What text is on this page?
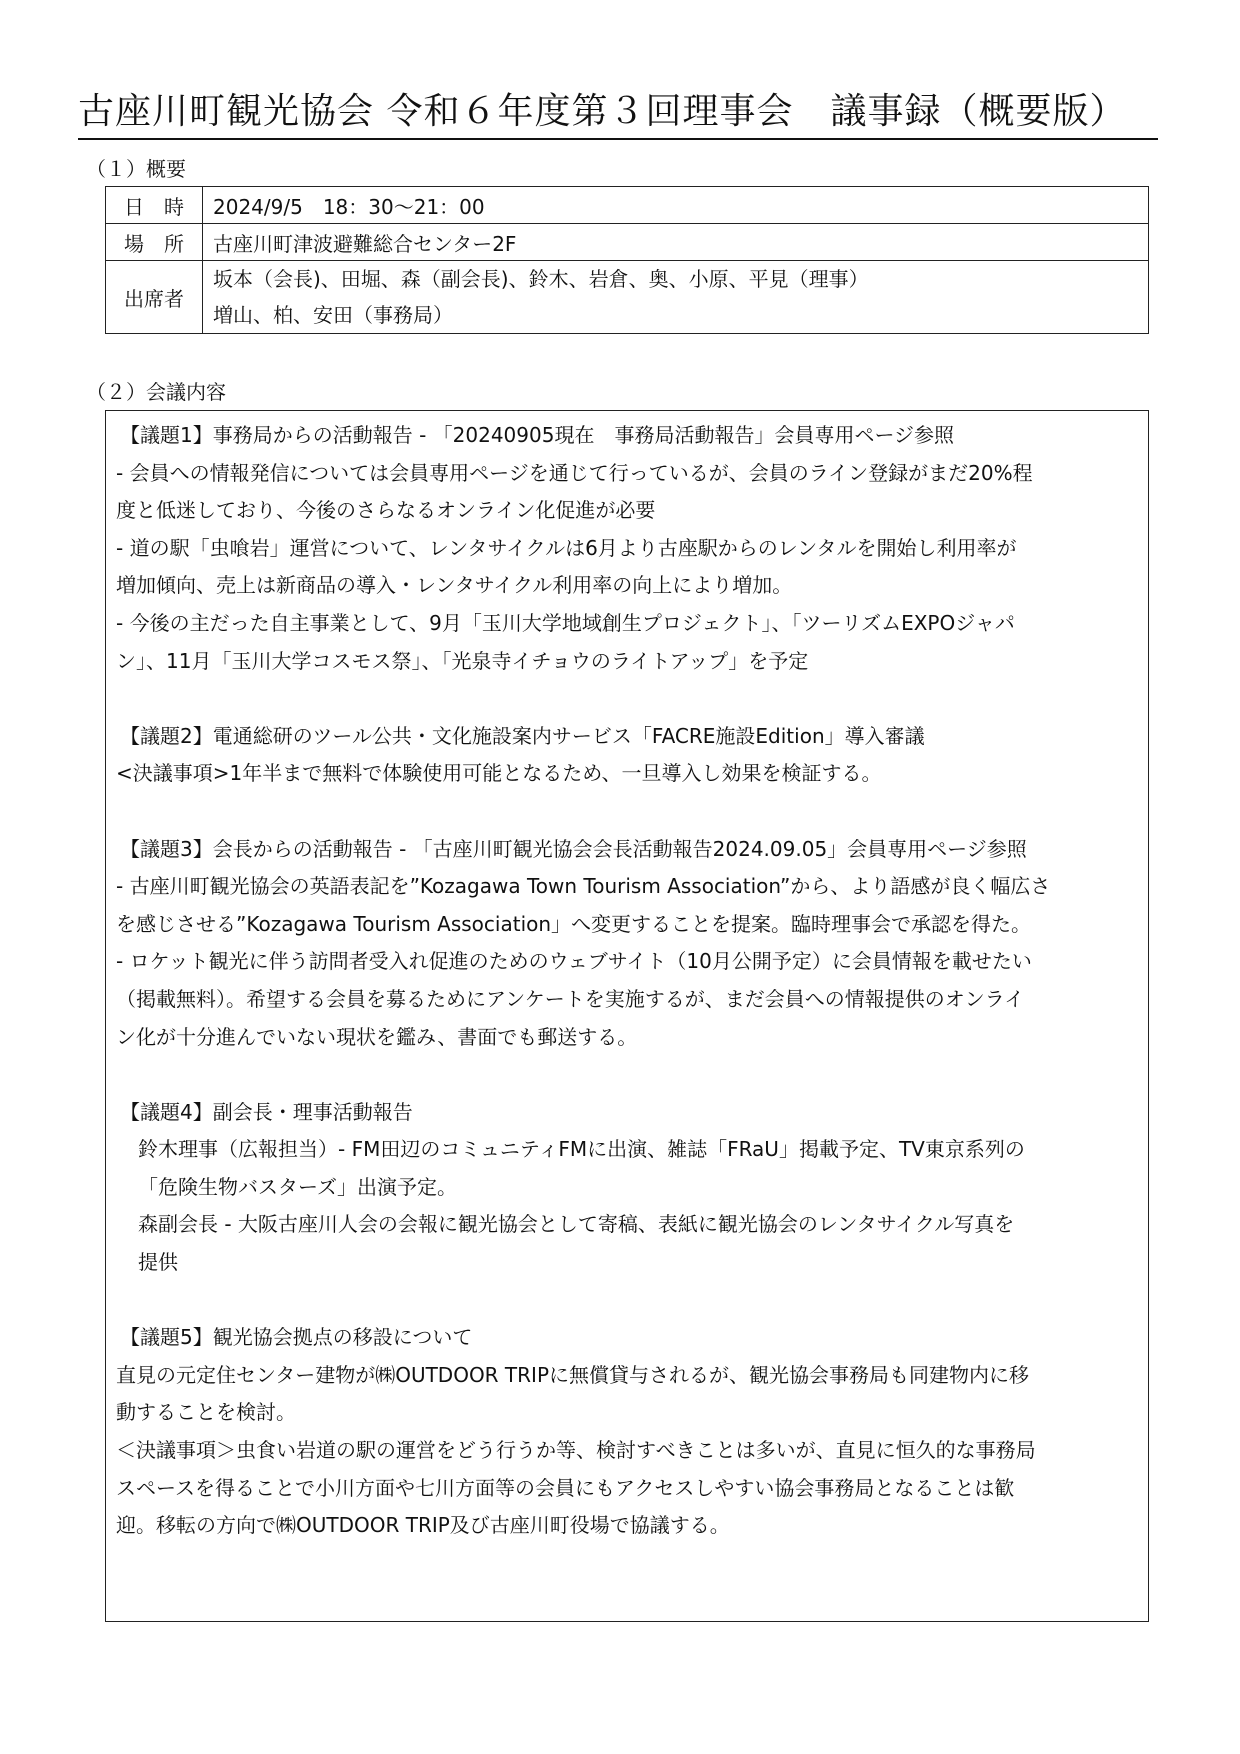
古座川町観光協会 令和６年度第３回理事会　議事録（概要版）
（１）概要
日　時	2024/9/5　18：30～21：00
場　所	古座川町津波避難総合センター2F
出席者	坂本（会長)、田堀、森（副会長)、鈴木、岩倉、奥、小原、平見（理事）
増山、柏、安田（事務局）
（２）会議内容

【議題1】事務局からの活動報告 - 「20240905現在　事務局活動報告」会員専用ページ参照

- 会員への情報発信については会員専用ページを通じて行っているが、会員のライン登録がまだ20%程

度と低迷しており、今後のさらなるオンライン化促進が必要

- 道の駅「虫喰岩」運営について、レンタサイクルは6月より古座駅からのレンタルを開始し利用率が

増加傾向、売上は新商品の導入・レンタサイクル利用率の向上により増加。

- 今後の主だった自主事業として、9月「玉川大学地域創生プロジェクト」、「ツーリズムEXPOジャパ

ン」、11月「玉川大学コスモス祭」、「光泉寺イチョウのライトアップ」を予定

【議題2】電通総研のツール公共・文化施設案内サービス「FACRE施設Edition」導入審議

<決議事項>1年半まで無料で体験使用可能となるため、一旦導入し効果を検証する。

【議題3】会長からの活動報告 - 「古座川町観光協会会長活動報告2024.09.05」会員専用ページ参照

- 古座川町観光協会の英語表記を”Kozagawa Town Tourism Association”から、より語感が良く幅広さ

を感じさせる”Kozagawa Tourism Association」へ変更することを提案。臨時理事会で承認を得た。

- ロケット観光に伴う訪問者受入れ促進のためのウェブサイト（10月公開予定）に会員情報を載せたい

（掲載無料）。希望する会員を募るためにアンケートを実施するが、まだ会員への情報提供のオンライ

ン化が十分進んでいない現状を鑑み、書面でも郵送する。

【議題4】副会長・理事活動報告

鈴木理事（広報担当）- FM田辺のコミュニティFMに出演、雑誌「FRaU」掲載予定、TV東京系列の

「危険生物バスターズ」出演予定。

森副会長 - 大阪古座川人会の会報に観光協会として寄稿、表紙に観光協会のレンタサイクル写真を

提供

【議題5】観光協会拠点の移設について

直見の元定住センター建物が㈱OUTDOOR TRIPに無償貸与されるが、観光協会事務局も同建物内に移

動することを検討。

＜決議事項＞虫食い岩道の駅の運営をどう行うか等、検討すべきことは多いが、直見に恒久的な事務局

スペースを得ることで小川方面や七川方面等の会員にもアクセスしやすい協会事務局となることは歓

迎。移転の方向で㈱OUTDOOR TRIP及び古座川町役場で協議する。
